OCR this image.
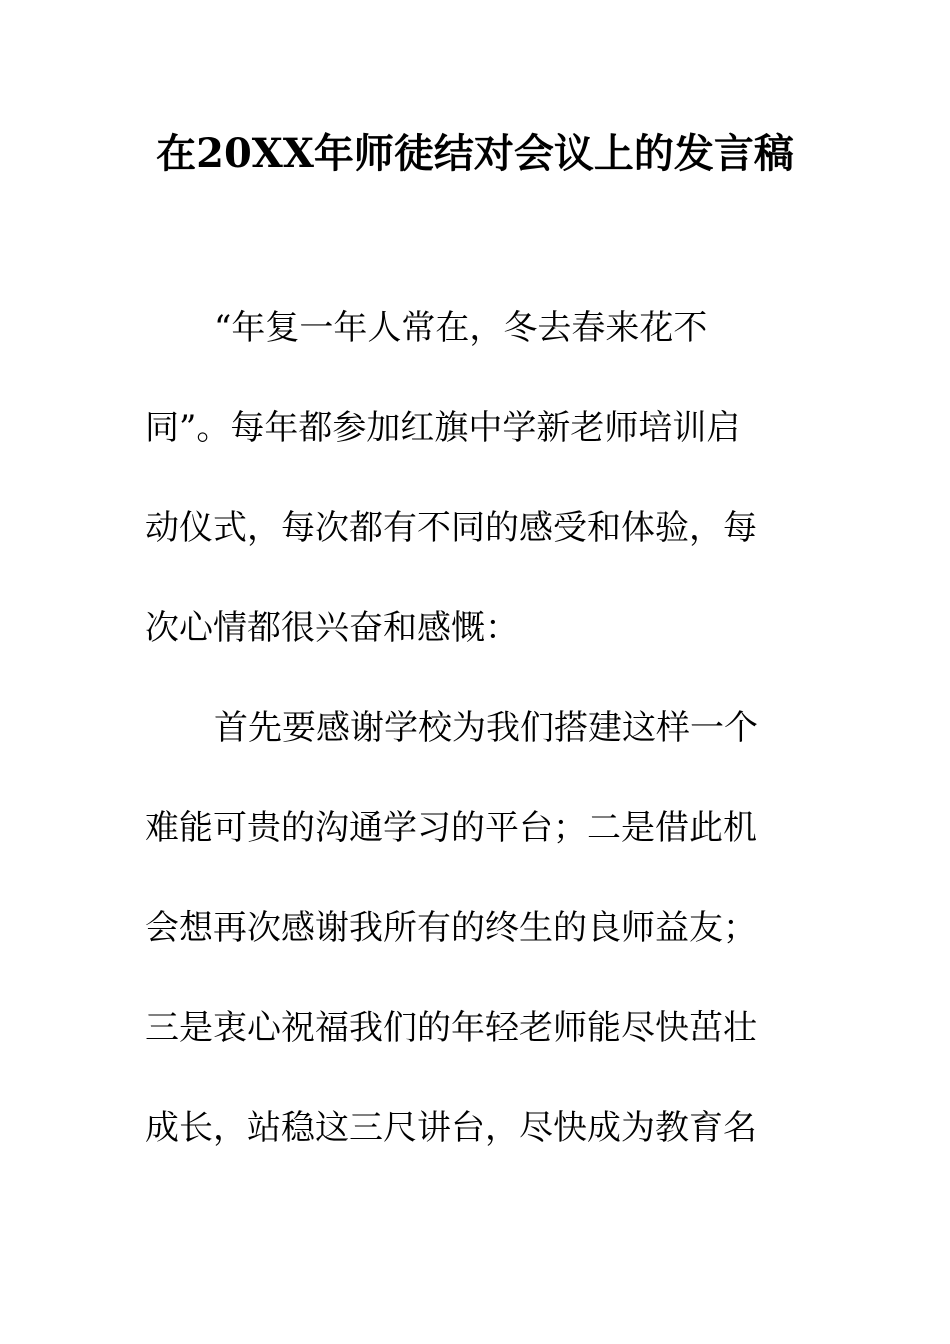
在20XX年师徒结对会议上的发言稿
“年复一年人常在，冬去春来花不
同”。每年都参加红旗中学新老师培训启
动仪式，每次都有不同的感受和体验，每
次心情都很兴奋和感慨：
首先要感谢学校为我们搭建这样一个
难能可贵的沟通学习的平台；二是借此机
会想再次感谢我所有的终生的良师益友；
三是衷心祝福我们的年轻老师能尽快茁壮
成长，站稳这三尺讲台，尽快成为教育名
